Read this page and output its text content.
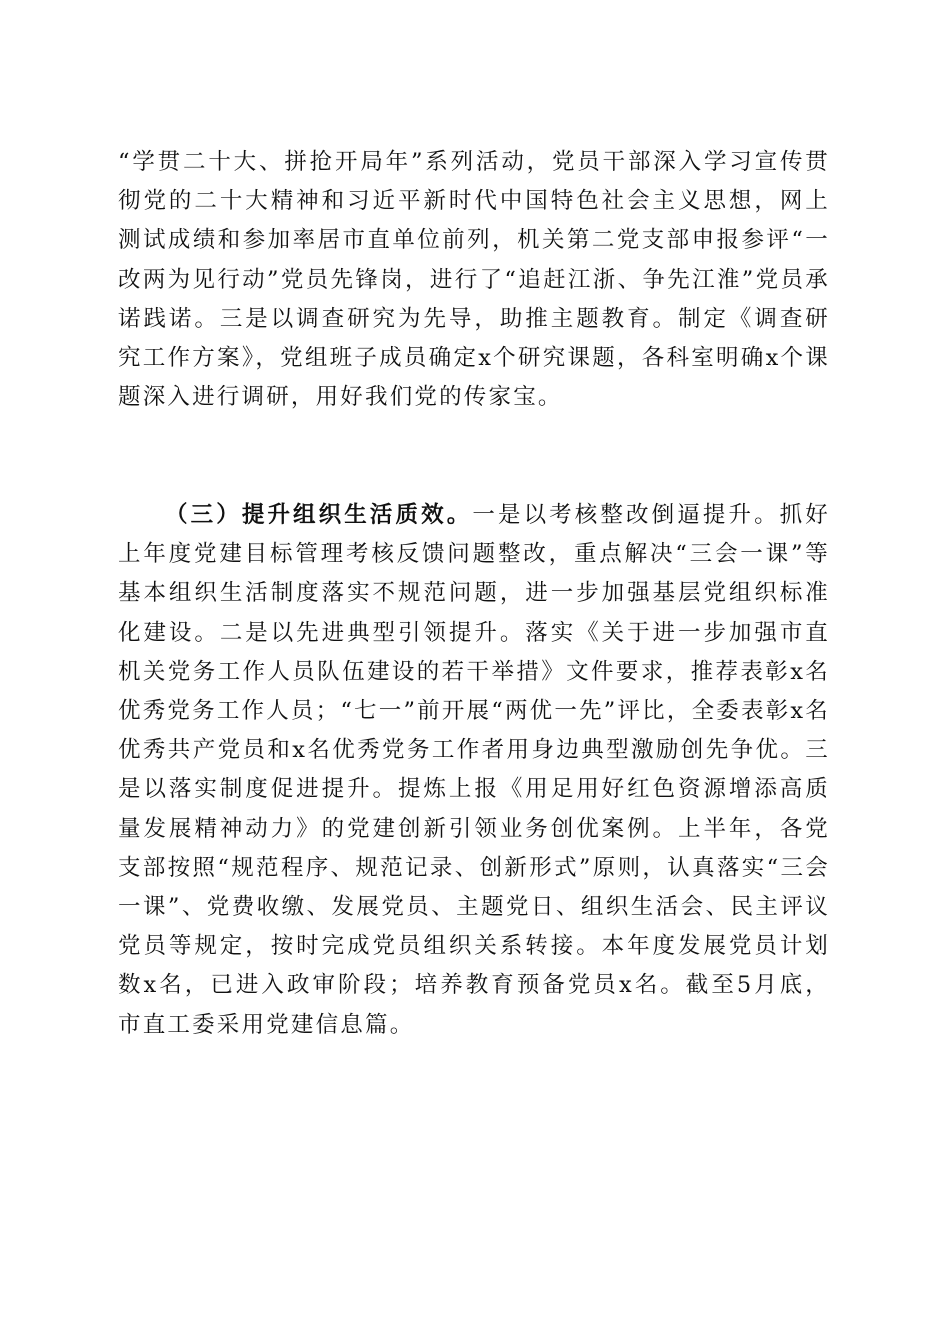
“学贯二十大、拼抢开局年”系列活动，党员干部深入学习宣传贯彻党的二十大精神和习近平新时代中国特色社会主义思想，网上测试成绩和参加率居市直单位前列，机关第二党支部申报参评“一改两为见行动”党员先锋岗，进行了“追赶江浙、争先江淮”党员承诺践诺。三是以调查研究为先导，助推主题教育。制定《调查研究工作方案》，党组班子成员确定x个研究课题，各科室明确x个课题深入进行调研，用好我们党的传家宝。

（三）提升组织生活质效。一是以考核整改倒逼提升。抓好上年度党建目标管理考核反馈问题整改，重点解决“三会一课”等基本组织生活制度落实不规范问题，进一步加强基层党组织标准化建设。二是以先进典型引领提升。落实《关于进一步加强市直机关党务工作人员队伍建设的若干举措》文件要求，推荐表彰x名优秀党务工作人员；“七一”前开展“两优一先”评比，全委表彰x名优秀共产党员和x名优秀党务工作者用身边典型激励创先争优。三是以落实制度促进提升。提炼上报《用足用好红色资源增添高质量发展精神动力》的党建创新引领业务创优案例。上半年，各党支部按照“规范程序、规范记录、创新形式”原则，认真落实“三会一课”、党费收缴、发展党员、主题党日、组织生活会、民主评议党员等规定，按时完成党员组织关系转接。本年度发展党员计划数x名，已进入政审阶段；培养教育预备党员x名。截至5月底，市直工委采用党建信息篇。
